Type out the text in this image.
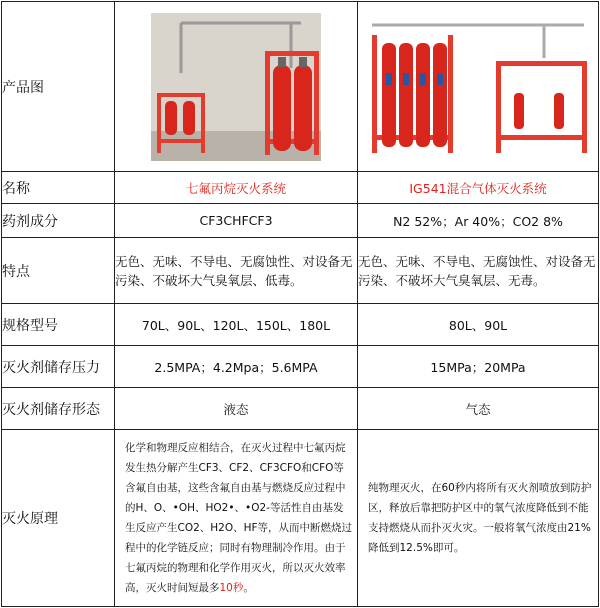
产品图	

名称	七氟丙烷灭火系统	IG541混合气体灭火系统
药剂成分	CF3CHFCF3	N2 52%；Ar 40%；CO2 8%
特点	无色、无味、不导电、无腐蚀性、对设备无污染、不破坏大气臭氧层、低毒。	无色、无味、不导电、无腐蚀性、对设备无污染、不破坏大气臭氧层、无毒。
规格型号	70L、90L、120L、150L、180L	80L、90L
灭火剂储存压力	2.5MPA；4.2Mpa；5.6MPA	15MPa；20MPa
灭火剂储存形态	液态	气态
灭火原理	化学和物理反应相结合，在灭火过程中七氟丙烷发生热分解产生CF3、CF2、CF3CFO和CFO等含氟自由基，这些含氟自由基与燃烧反应过程中的H、O、•OH、HO2•、•O2-等活性自由基发生反应产生CO2、H2O、HF等，从而中断燃烧过程中的化学链反应；同时有物理制冷作用。由于七氟丙烷的物理和化学作用灭火，所以灭火效率高，灭火时间短最多10秒。	纯物理灭火，在60秒内将所有灭火剂喷放到防护区，释放后靠把防护区中的氧气浓度降低到不能支持燃烧从而扑灭火灾。一般将氧气浓度由21%降低到12.5%即可。
